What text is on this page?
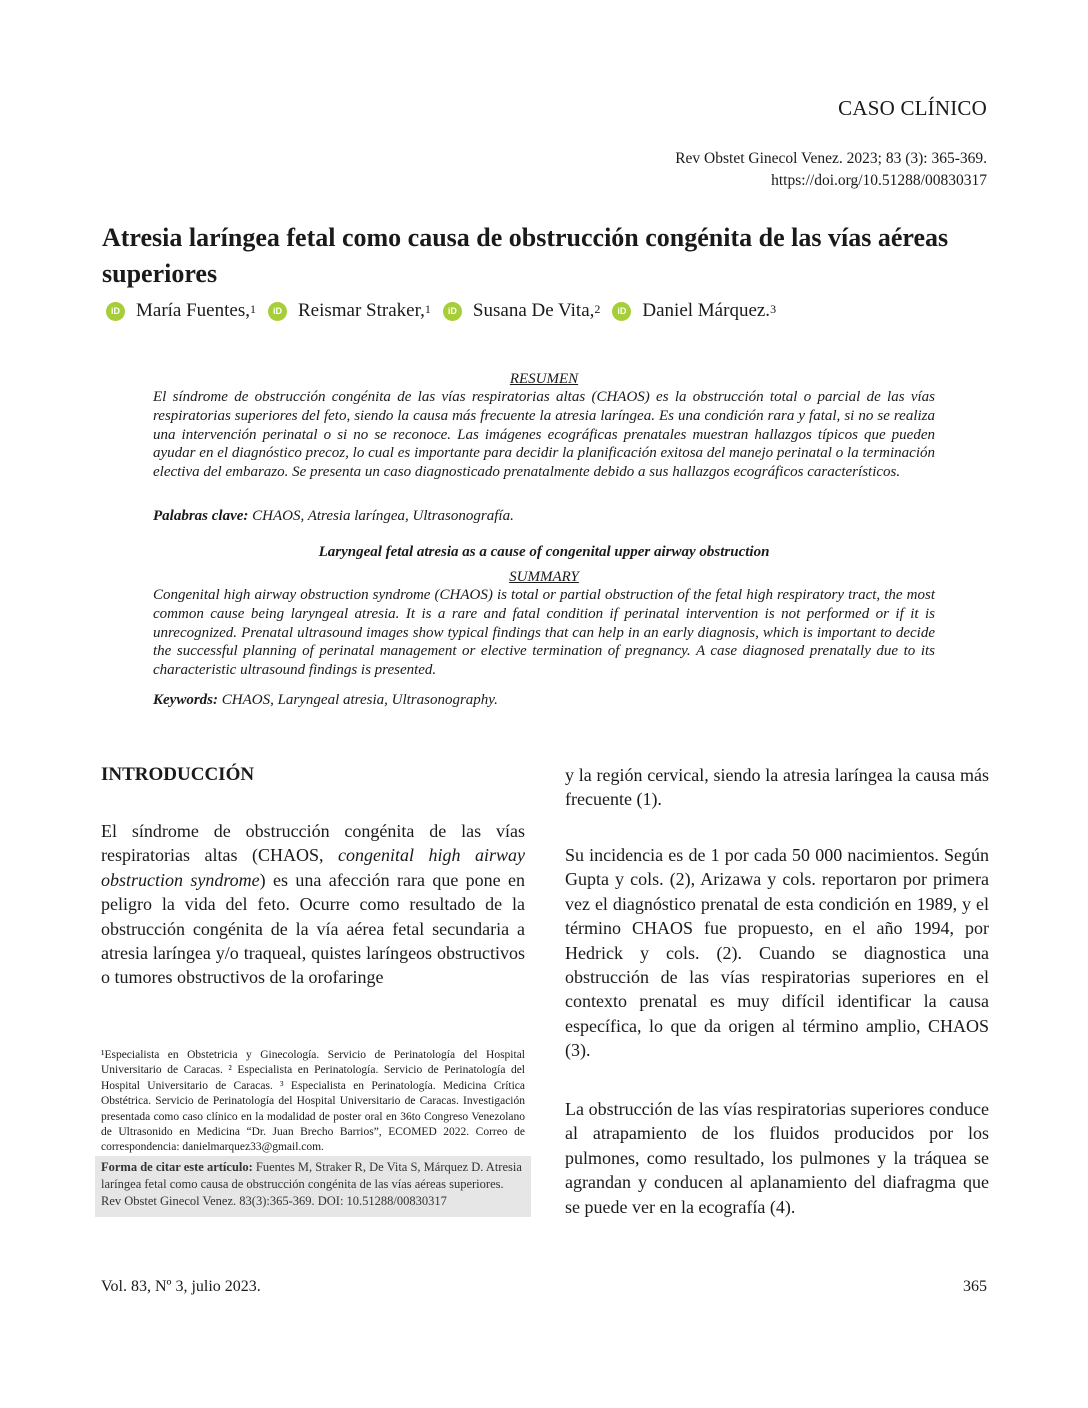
CASO CLÍNICO
Rev Obstet Ginecol Venez. 2023; 83 (3): 365-369.
https://doi.org/10.51288/00830317
Atresia laríngea fetal como causa de obstrucción congénita de las vías aéreas superiores
iD María Fuentes,$^1$	iD Reismar Straker,$^1$	iD Susana De Vita,$^2$	iD Daniel Márquez.$^3$
RESUMEN
El síndrome de obstrucción congénita de las vías respiratorias altas (CHAOS) es la obstrucción total o parcial de las vías respiratorias superiores del feto, siendo la causa más frecuente la atresia laríngea. Es una condición rara y fatal, si no se realiza una intervención perinatal o si no se reconoce. Las imágenes ecográficas prenatales muestran hallazgos típicos que pueden ayudar en el diagnóstico precoz, lo cual es importante para decidir la planificación exitosa del manejo perinatal o la terminación electiva del embarazo. Se presenta un caso diagnosticado prenatalmente debido a sus hallazgos ecográficos característicos.
Palabras clave: CHAOS, Atresia laríngea, Ultrasonografía.
Laryngeal fetal atresia as a cause of congenital upper airway obstruction
SUMMARY
Congenital high airway obstruction syndrome (CHAOS) is total or partial obstruction of the fetal high respiratory tract, the most common cause being laryngeal atresia. It is a rare and fatal condition if perinatal intervention is not performed or if it is unrecognized. Prenatal ultrasound images show typical findings that can help in an early diagnosis, which is important to decide the successful planning of perinatal management or elective termination of pregnancy. A case diagnosed prenatally due to its characteristic ultrasound findings is presented.
Keywords: CHAOS, Laryngeal atresia, Ultrasonography.
INTRODUCCIÓN
El síndrome de obstrucción congénita de las vías respiratorias altas (CHAOS, congenital high airway obstruction syndrome) es una afección rara que pone en peligro la vida del feto. Ocurre como resultado de la obstrucción congénita de la vía aérea fetal secundaria a atresia laríngea y/o traqueal, quistes laríngeos obstructivos o tumores obstructivos de la orofaringe
y la región cervical, siendo la atresia laríngea la causa más frecuente (1).
Su incidencia es de 1 por cada 50 000 nacimientos. Según Gupta y cols. (2), Arizawa y cols. reportaron por primera vez el diagnóstico prenatal de esta condición en 1989, y el término CHAOS fue propuesto, en el año 1994, por Hedrick y cols. (2). Cuando se diagnostica una obstrucción de las vías respiratorias superiores en el contexto prenatal es muy difícil identificar la causa específica, lo que da origen al término amplio, CHAOS (3).
La obstrucción de las vías respiratorias superiores conduce al atrapamiento de los fluidos producidos por los pulmones, como resultado, los pulmones y la tráquea se agrandan y conducen al aplanamiento del diafragma que se puede ver en la ecografía (4).
¹Especialista en Obstetricia y Ginecología. Servicio de Perinatología del Hospital Universitario de Caracas. ² Especialista en Perinatología. Servicio de Perinatología del Hospital Universitario de Caracas. ³ Especialista en Perinatología. Medicina Crítica Obstétrica. Servicio de Perinatología del Hospital Universitario de Caracas. Investigación presentada como caso clínico en la modalidad de poster oral en 36to Congreso Venezolano de Ultrasonido en Medicina “Dr. Juan Brecho Barrios”, ECOMED 2022. Correo de correspondencia: danielmarquez33@gmail.com.
Forma de citar este artículo: Fuentes M, Straker R, De Vita S, Márquez D. Atresia laríngea fetal como causa de obstrucción congénita de las vías aéreas superiores. Rev Obstet Ginecol Venez. 83(3):365-369. DOI: 10.51288/00830317
Vol. 83, Nº 3, julio 2023.	365
